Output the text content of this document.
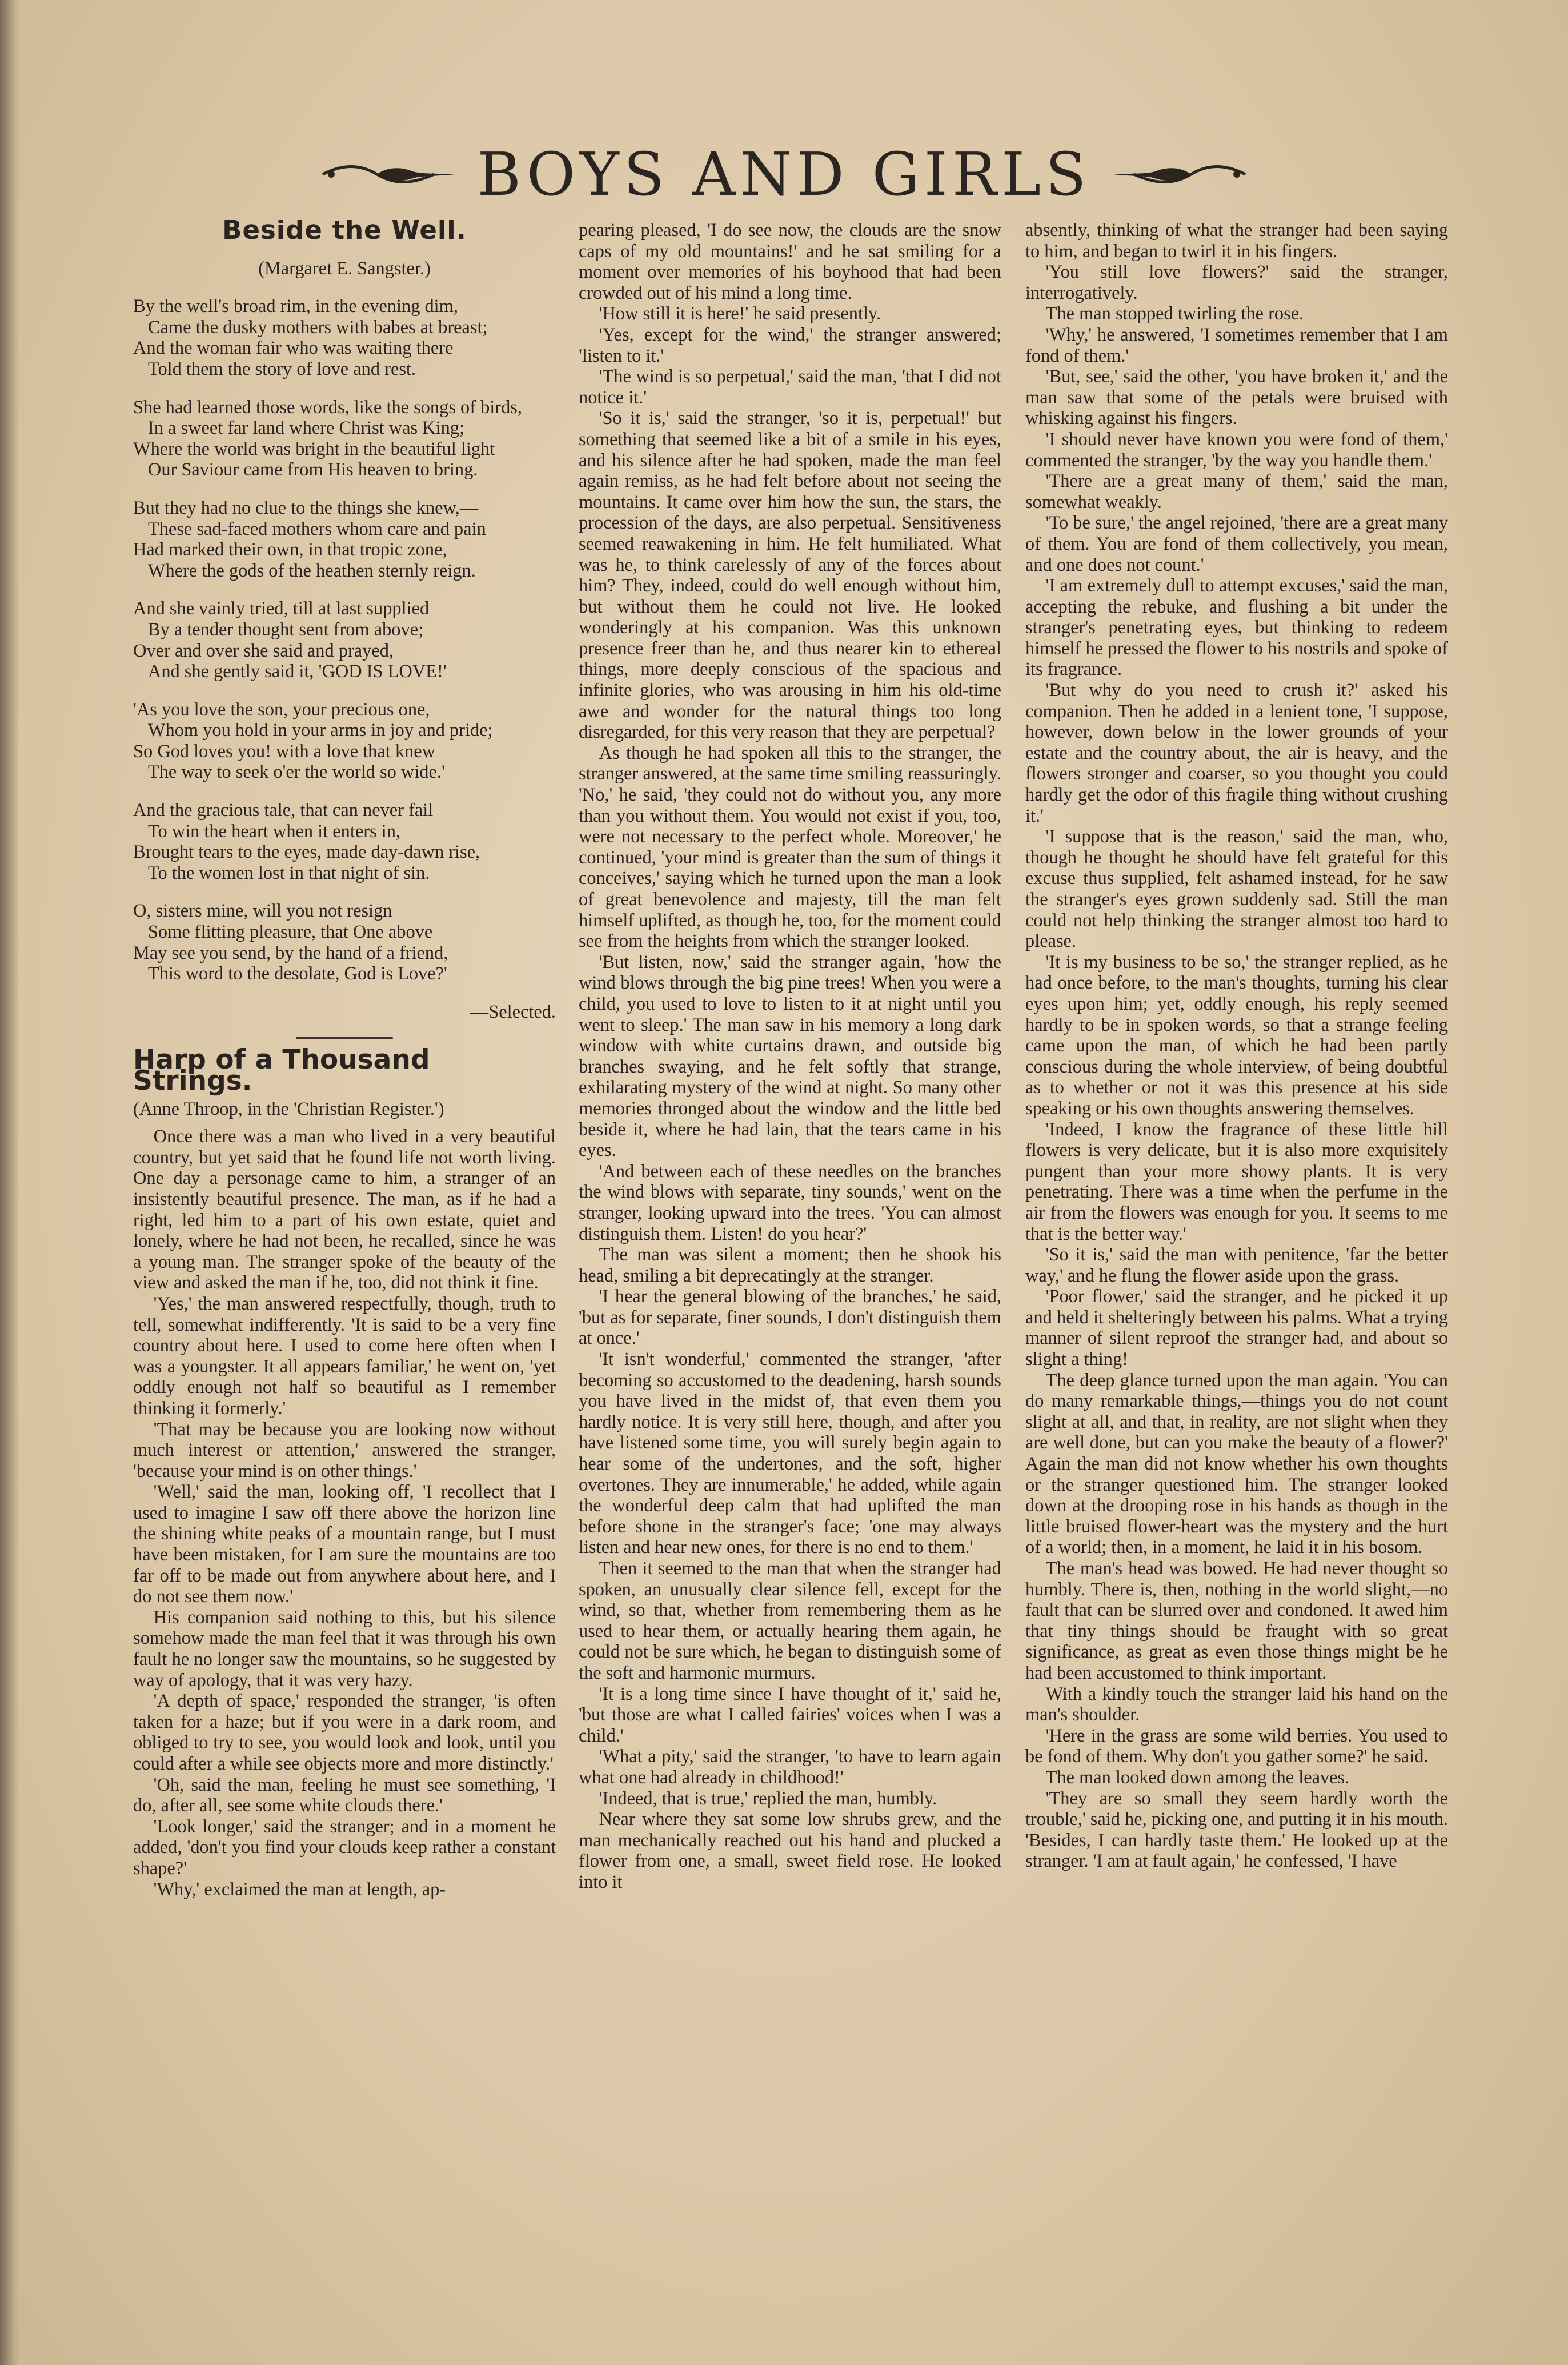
BOYS AND GIRLS
Beside the Well.
(Margaret E. Sangster.)
By the well's broad rim, in the evening dim,
Came the dusky mothers with babes at breast;
And the woman fair who was waiting there
Told them the story of love and rest.
She had learned those words, like the songs of birds,
In a sweet far land where Christ was King;
Where the world was bright in the beautiful light
Our Saviour came from His heaven to bring.
But they had no clue to the things she knew,—
These sad-faced mothers whom care and pain
Had marked their own, in that tropic zone,
Where the gods of the heathen sternly reign.
And she vainly tried, till at last supplied
By a tender thought sent from above;
Over and over she said and prayed,
And she gently said it, 'GOD IS LOVE!'
'As you love the son, your precious one,
Whom you hold in your arms in joy and pride;
So God loves you! with a love that knew
The way to seek o'er the world so wide.'
And the gracious tale, that can never fail
To win the heart when it enters in,
Brought tears to the eyes, made day-dawn rise,
To the women lost in that night of sin.
O, sisters mine, will you not resign
Some flitting pleasure, that One above
May see you send, by the hand of a friend,
This word to the desolate, God is Love?'
—Selected.
Harp of a Thousand Strings.
(Anne Throop, in the 'Christian Register.')

Once there was a man who lived in a very beautiful country, but yet said that he found life not worth living. One day a personage came to him, a stranger of an insistently beautiful presence. The man, as if he had a right, led him to a part of his own estate, quiet and lonely, where he had not been, he recalled, since he was a young man. The stranger spoke of the beauty of the view and asked the man if he, too, did not think it fine.

'Yes,' the man answered respectfully, though, truth to tell, somewhat indifferently. 'It is said to be a very fine country about here. I used to come here often when I was a youngster. It all appears familiar,' he went on, 'yet oddly enough not half so beautiful as I remember thinking it formerly.'

'That may be because you are looking now without much interest or attention,' answered the stranger, 'because your mind is on other things.'

'Well,' said the man, looking off, 'I recollect that I used to imagine I saw off there above the horizon line the shining white peaks of a mountain range, but I must have been mistaken, for I am sure the mountains are too far off to be made out from anywhere about here, and I do not see them now.'

His companion said nothing to this, but his silence somehow made the man feel that it was through his own fault he no longer saw the mountains, so he suggested by way of apology, that it was very hazy.

'A depth of space,' responded the stranger, 'is often taken for a haze; but if you were in a dark room, and obliged to try to see, you would look and look, until you could after a while see objects more and more distinctly.'

'Oh, said the man, feeling he must see something, 'I do, after all, see some white clouds there.'

'Look longer,' said the stranger; and in a moment he added, 'don't you find your clouds keep rather a constant shape?'

'Why,' exclaimed the man at length, ap-

pearing pleased, 'I do see now, the clouds are the snow caps of my old mountains!' and he sat smiling for a moment over memories of his boyhood that had been crowded out of his mind a long time.

'How still it is here!' he said presently.

'Yes, except for the wind,' the stranger answered; 'listen to it.'

'The wind is so perpetual,' said the man, 'that I did not notice it.'

'So it is,' said the stranger, 'so it is, perpetual!' but something that seemed like a bit of a smile in his eyes, and his silence after he had spoken, made the man feel again remiss, as he had felt before about not seeing the mountains. It came over him how the sun, the stars, the procession of the days, are also perpetual. Sensitiveness seemed reawakening in him. He felt humiliated. What was he, to think carelessly of any of the forces about him? They, indeed, could do well enough without him, but without them he could not live. He looked wonderingly at his companion. Was this unknown presence freer than he, and thus nearer kin to ethereal things, more deeply conscious of the spacious and infinite glories, who was arousing in him his old-time awe and wonder for the natural things too long disregarded, for this very reason that they are perpetual?

As though he had spoken all this to the stranger, the stranger answered, at the same time smiling reassuringly. 'No,' he said, 'they could not do without you, any more than you without them. You would not exist if you, too, were not necessary to the perfect whole. Moreover,' he continued, 'your mind is greater than the sum of things it conceives,' saying which he turned upon the man a look of great benevolence and majesty, till the man felt himself uplifted, as though he, too, for the moment could see from the heights from which the stranger looked.

'But listen, now,' said the stranger again, 'how the wind blows through the big pine trees! When you were a child, you used to love to listen to it at night until you went to sleep.' The man saw in his memory a long dark window with white curtains drawn, and outside big branches swaying, and he felt softly that strange, exhilarating mystery of the wind at night. So many other memories thronged about the window and the little bed beside it, where he had lain, that the tears came in his eyes.

'And between each of these needles on the branches the wind blows with separate, tiny sounds,' went on the stranger, looking upward into the trees. 'You can almost distinguish them. Listen! do you hear?'

The man was silent a moment; then he shook his head, smiling a bit deprecatingly at the stranger.

'I hear the general blowing of the branches,' he said, 'but as for separate, finer sounds, I don't distinguish them at once.'

'It isn't wonderful,' commented the stranger, 'after becoming so accustomed to the deadening, harsh sounds you have lived in the midst of, that even them you hardly notice. It is very still here, though, and after you have listened some time, you will surely begin again to hear some of the undertones, and the soft, higher overtones. They are innumerable,' he added, while again the wonderful deep calm that had uplifted the man before shone in the stranger's face; 'one may always listen and hear new ones, for there is no end to them.'

Then it seemed to the man that when the stranger had spoken, an unusually clear silence fell, except for the wind, so that, whether from remembering them as he used to hear them, or actually hearing them again, he could not be sure which, he began to distinguish some of the soft and harmonic murmurs.

'It is a long time since I have thought of it,' said he, 'but those are what I called fairies' voices when I was a child.'

'What a pity,' said the stranger, 'to have to learn again what one had already in childhood!'

'Indeed, that is true,' replied the man, humbly.

Near where they sat some low shrubs grew, and the man mechanically reached out his hand and plucked a flower from one, a small, sweet field rose. He looked into it

absently, thinking of what the stranger had been saying to him, and began to twirl it in his fingers.

'You still love flowers?' said the stranger, interrogatively.

The man stopped twirling the rose.

'Why,' he answered, 'I sometimes remember that I am fond of them.'

'But, see,' said the other, 'you have broken it,' and the man saw that some of the petals were bruised with whisking against his fingers.

'I should never have known you were fond of them,' commented the stranger, 'by the way you handle them.'

'There are a great many of them,' said the man, somewhat weakly.

'To be sure,' the angel rejoined, 'there are a great many of them. You are fond of them collectively, you mean, and one does not count.'

'I am extremely dull to attempt excuses,' said the man, accepting the rebuke, and flushing a bit under the stranger's penetrating eyes, but thinking to redeem himself he pressed the flower to his nostrils and spoke of its fragrance.

'But why do you need to crush it?' asked his companion. Then he added in a lenient tone, 'I suppose, however, down below in the lower grounds of your estate and the country about, the air is heavy, and the flowers stronger and coarser, so you thought you could hardly get the odor of this fragile thing without crushing it.'

'I suppose that is the reason,' said the man, who, though he thought he should have felt grateful for this excuse thus supplied, felt ashamed instead, for he saw the stranger's eyes grown suddenly sad. Still the man could not help thinking the stranger almost too hard to please.

'It is my business to be so,' the stranger replied, as he had once before, to the man's thoughts, turning his clear eyes upon him; yet, oddly enough, his reply seemed hardly to be in spoken words, so that a strange feeling came upon the man, of which he had been partly conscious during the whole interview, of being doubtful as to whether or not it was this presence at his side speaking or his own thoughts answering themselves.

'Indeed, I know the fragrance of these little hill flowers is very delicate, but it is also more exquisitely pungent than your more showy plants. It is very penetrating. There was a time when the perfume in the air from the flowers was enough for you. It seems to me that is the better way.'

'So it is,' said the man with penitence, 'far the better way,' and he flung the flower aside upon the grass.

'Poor flower,' said the stranger, and he picked it up and held it shelteringly between his palms. What a trying manner of silent reproof the stranger had, and about so slight a thing!

The deep glance turned upon the man again. 'You can do many remarkable things,—things you do not count slight at all, and that, in reality, are not slight when they are well done, but can you make the beauty of a flower?' Again the man did not know whether his own thoughts or the stranger questioned him. The stranger looked down at the drooping rose in his hands as though in the little bruised flower-heart was the mystery and the hurt of a world; then, in a moment, he laid it in his bosom.

The man's head was bowed. He had never thought so humbly. There is, then, nothing in the world slight,—no fault that can be slurred over and condoned. It awed him that tiny things should be fraught with so great significance, as great as even those things might be he had been accustomed to think important.

With a kindly touch the stranger laid his hand on the man's shoulder.

'Here in the grass are some wild berries. You used to be fond of them. Why don't you gather some?' he said.

The man looked down among the leaves.

'They are so small they seem hardly worth the trouble,' said he, picking one, and putting it in his mouth. 'Besides, I can hardly taste them.' He looked up at the stranger. 'I am at fault again,' he confessed, 'I have
